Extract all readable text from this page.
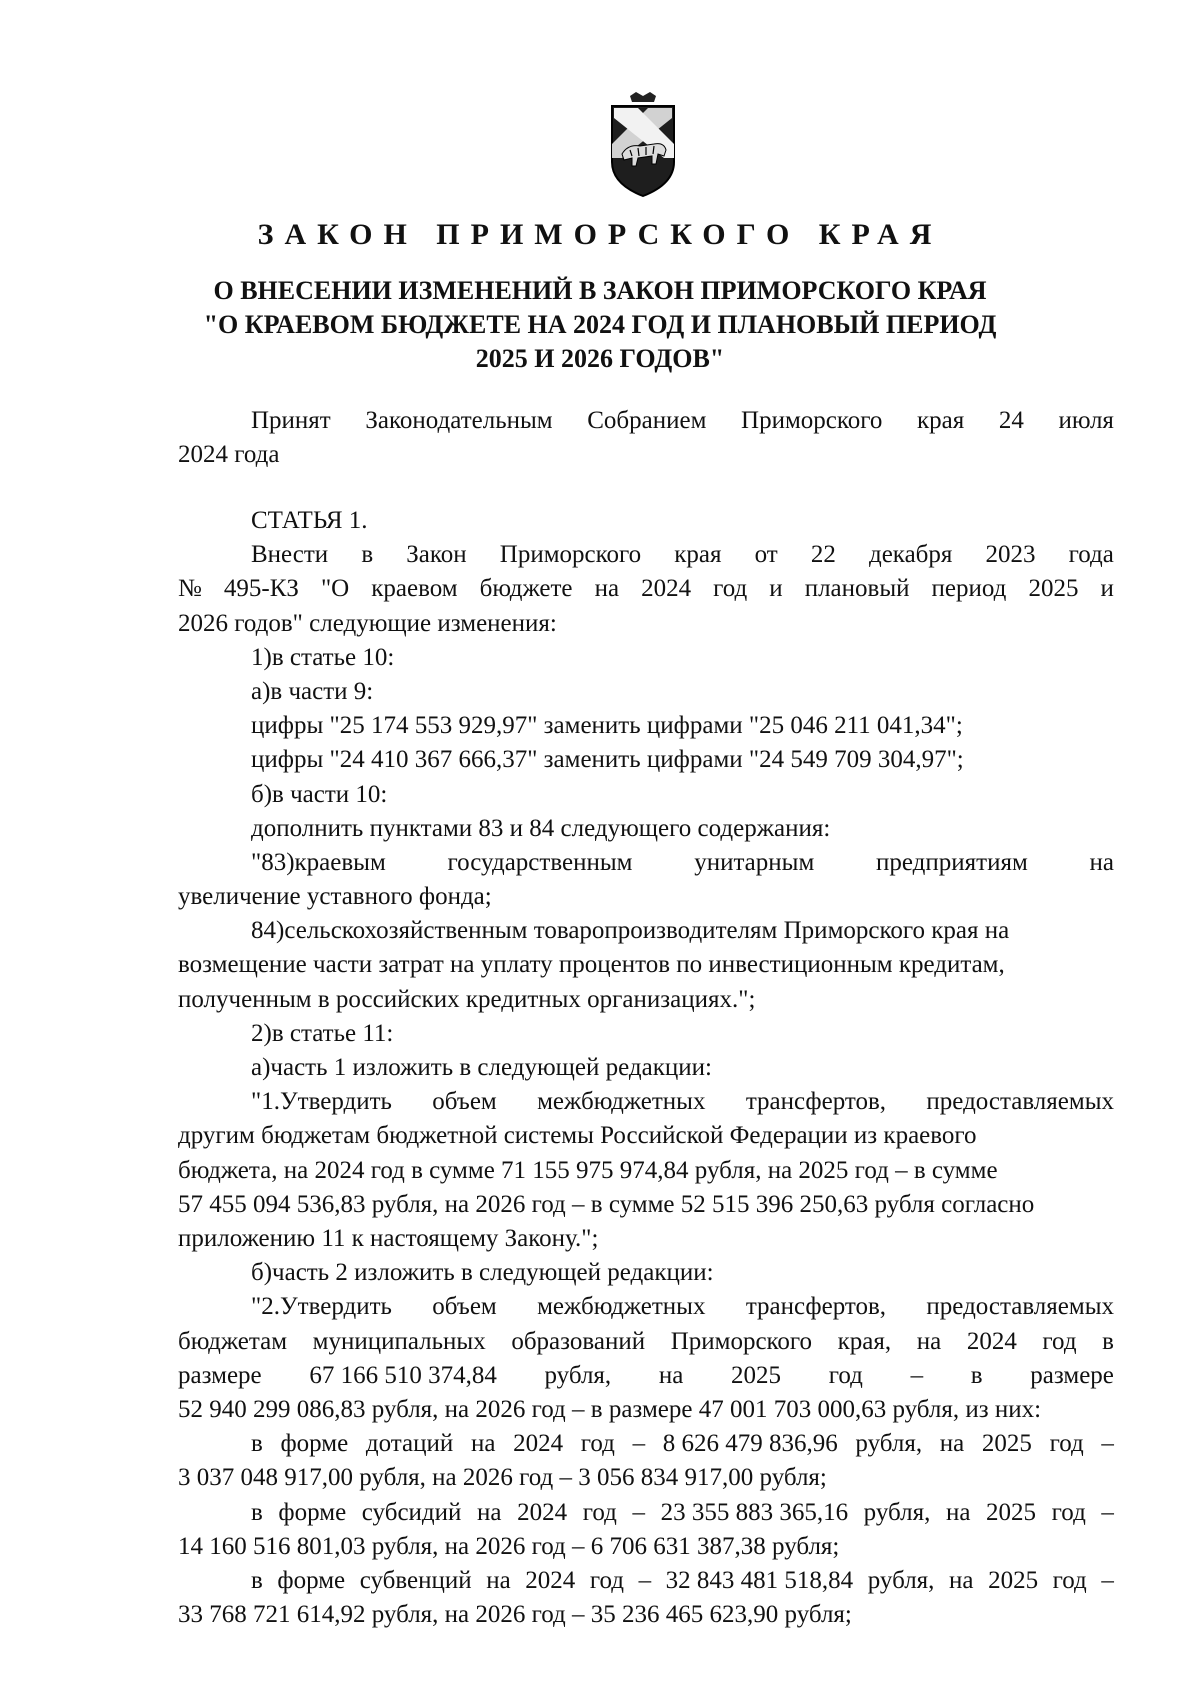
ЗАКОН ПРИМОРСКОГО КРАЯ
О ВНЕСЕНИИ ИЗМЕНЕНИЙ В ЗАКОН ПРИМОРСКОГО КРАЯ
"О КРАЕВОМ БЮДЖЕТЕ НА 2024 ГОД И ПЛАНОВЫЙ ПЕРИОД
2025 И 2026 ГОДОВ"
Принят Законодательным Собранием Приморского края 24 июля
2024 года
СТАТЬЯ 1.
Внести в Закон Приморского края от 22 декабря 2023 года
№ 495-КЗ "О краевом бюджете на 2024 год и плановый период 2025 и
2026 годов" следующие изменения:
1)в статье 10:
а)в части 9:
цифры "25 174 553 929,97" заменить цифрами "25 046 211 041,34";
цифры "24 410 367 666,37" заменить цифрами "24 549 709 304,97";
б)в части 10:
дополнить пунктами 83 и 84 следующего содержания:
"83)краевым государственным унитарным предприятиям на
увеличение уставного фонда;
84)сельскохозяйственным товаропроизводителям Приморского края на
возмещение части затрат на уплату процентов по инвестиционным кредитам,
полученным в российских кредитных организациях.";
2)в статье 11:
а)часть 1 изложить в следующей редакции:
"1.Утвердить объем межбюджетных трансфертов, предоставляемых
другим бюджетам бюджетной системы Российской Федерации из краевого
бюджета, на 2024 год в сумме 71 155 975 974,84 рубля, на 2025 год – в сумме
57 455 094 536,83 рубля, на 2026 год – в сумме 52 515 396 250,63 рубля согласно
приложению 11 к настоящему Закону.";
б)часть 2 изложить в следующей редакции:
"2.Утвердить объем межбюджетных трансфертов, предоставляемых
бюджетам муниципальных образований Приморского края, на 2024 год в
размере 67 166 510 374,84 рубля, на 2025 год – в размере
52 940 299 086,83 рубля, на 2026 год – в размере 47 001 703 000,63 рубля, из них:
в форме дотаций на 2024 год – 8 626 479 836,96 рубля, на 2025 год –
3 037 048 917,00 рубля, на 2026 год – 3 056 834 917,00 рубля;
в форме субсидий на 2024 год – 23 355 883 365,16 рубля, на 2025 год –
14 160 516 801,03 рубля, на 2026 год – 6 706 631 387,38 рубля;
в форме субвенций на 2024 год – 32 843 481 518,84 рубля, на 2025 год –
33 768 721 614,92 рубля, на 2026 год – 35 236 465 623,90 рубля;
